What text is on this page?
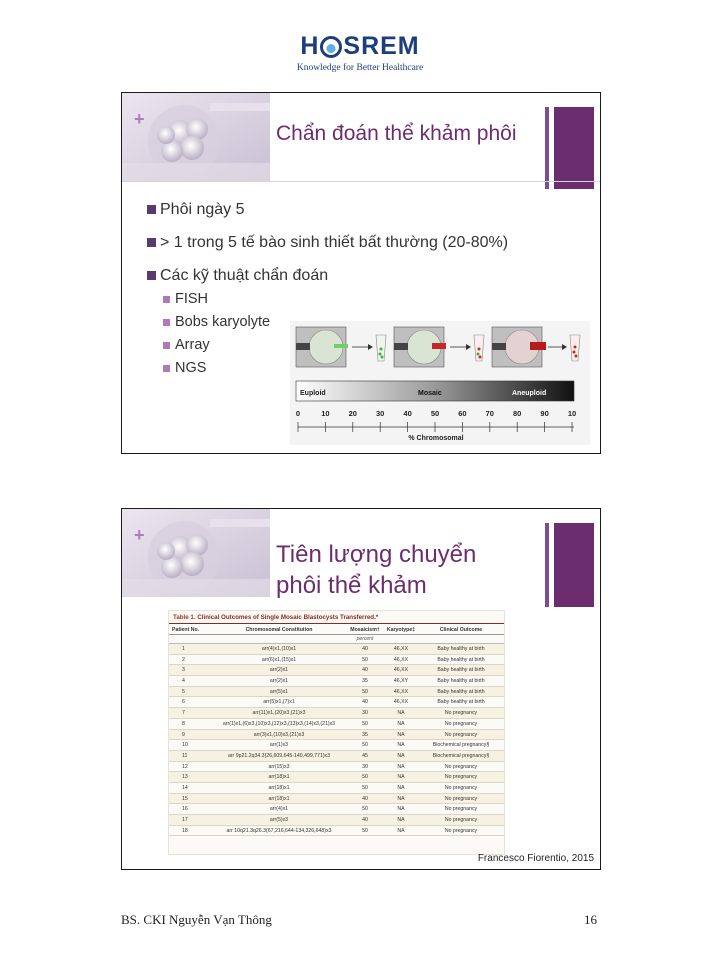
H SREM
Knowledge for Better Healthcare
+
Chẩn đoán thể khảm phôi
Phôi ngày 5
> 1 trong 5 tế bào sinh thiết bất thường (20-80%)
Các kỹ thuật chẩn đoán
FISH
Bobs karyolyte
Array
NGS
Euploid	Mosaic	Aneuploid
0	10	20	30	40	50	60	70	80	90	10
% Chromosomal
+
Tiên lượng chuyển
phôi thể khảm
Table 1. Clinical Outcomes of Single Mosaic Blastocysts Transferred.*
Patient No.	Chromosomal Constitution	Mosaicism†	Karyotype‡	Clinical Outcome
percent
1	arr(4)x1,(10)x1	40	46,XX	Baby healthy at birth
2	arr(6)x1,(15)x1	50	46,XX	Baby healthy at birth
3	arr(2)x1	40	46,XX	Baby healthy at birth
4	arr(2)x1	35	46,XY	Baby healthy at birth
5	arr(5)x1	50	46,XX	Baby healthy at birth
6	arr(5)x1,(7)x1	40	46,XX	Baby healthy at birth
7	arr(11)x1,(20)x3,(21)x3	30	NA	No pregnancy
8	arr(1)x1,(6)x3,(10)x3,(12)x3,(13)x3,(14)x3,(21)x3	50	NA	No pregnancy
9	arr(3)x1,(10)x3,(21)x3	35	NA	No pregnancy
10	arr(1)x3	50	NA	Biochemical pregnancy§
11	arr 9p21.2q34.3(26,609,645-140,499,771)x3	45	NA	Biochemical pregnancy§
12	arr(15)x3	30	NA	No pregnancy
13	arr(18)x1	50	NA	No pregnancy
14	arr(18)x1	50	NA	No pregnancy
15	arr(18)x1	40	NA	No pregnancy
16	arr(4)x1	50	NA	No pregnancy
17	arr(5)x3	40	NA	No pregnancy
18	arr 10q21.3q26.3(67,216,644-134,326,648)x3	50	NA	No pregnancy
Francesco Fiorentio, 2015
BS. CKI Nguyễn Vạn Thông	16
